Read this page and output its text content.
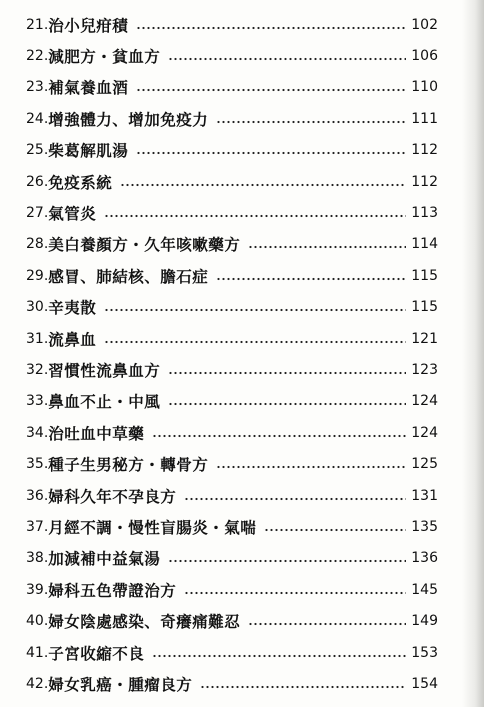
21. 治小兒疳積	102
22. 減肥方・貧血方	106
23. 補氣養血酒	110
24. 增強體力、增加免疫力	111
25. 柴葛解肌湯	112
26. 免疫系統	112
27. 氣管炎	113
28. 美白養顏方・久年咳嗽藥方	114
29. 感冒、肺結核、膽石症	115
30. 辛夷散	115
31. 流鼻血	121
32. 習慣性流鼻血方	123
33. 鼻血不止・中風	124
34. 治吐血中草藥	124
35. 種子生男秘方・轉骨方	125
36. 婦科久年不孕良方	131
37. 月經不調・慢性盲腸炎・氣喘	135
38. 加減補中益氣湯	136
39. 婦科五色帶證治方	145
40. 婦女陰處感染、奇癢痛難忍	149
41. 子宮收縮不良	153
42. 婦女乳癌・腫瘤良方	154
